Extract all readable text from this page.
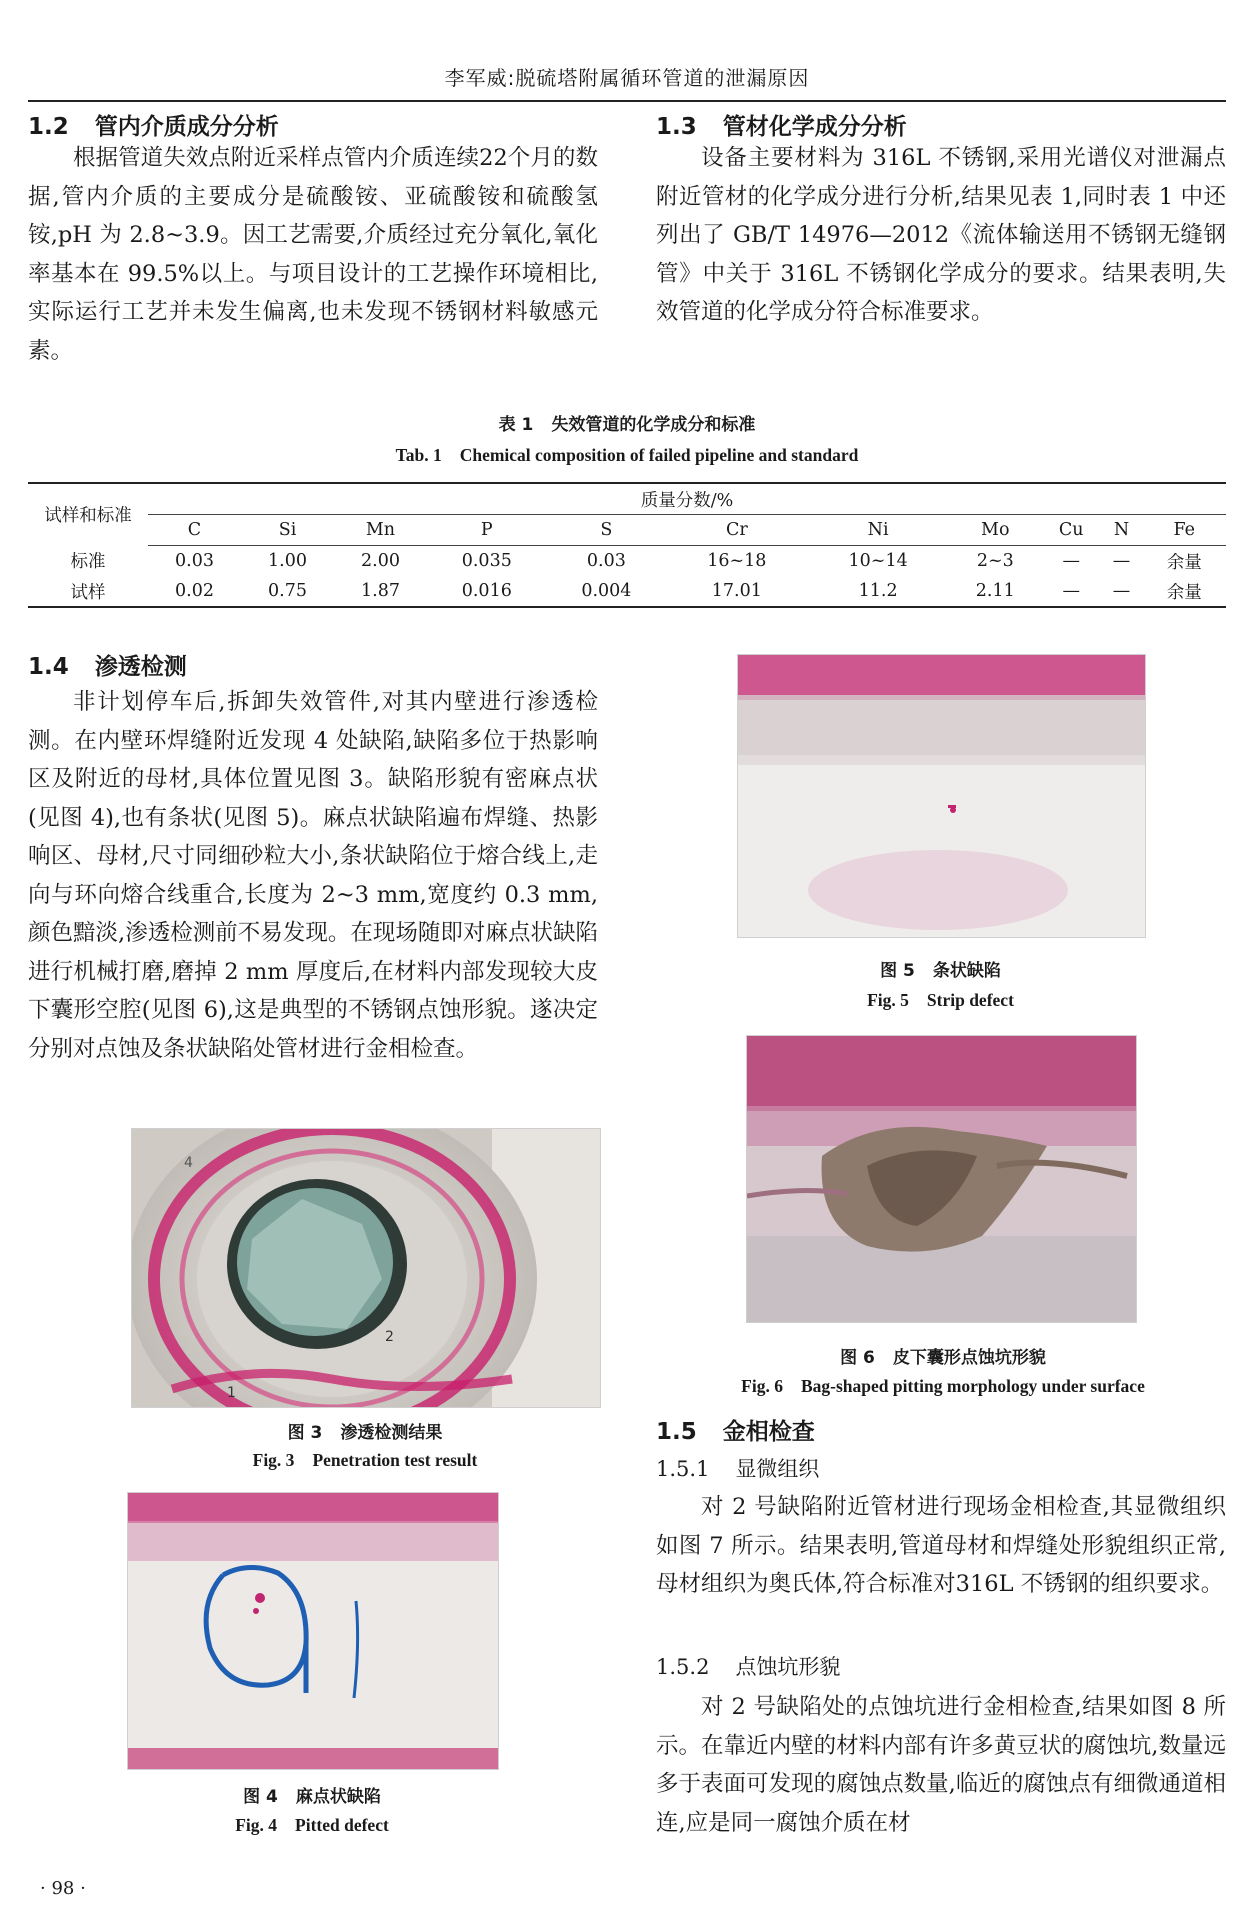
李军威:脱硫塔附属循环管道的泄漏原因
1.2 管内介质成分分析

根据管道失效点附近采样点管内介质连续22个月的数据,管内介质的主要成分是硫酸铵、亚硫酸铵和硫酸氢铵,pH 为 2.8~3.9。因工艺需要,介质经过充分氧化,氧化率基本在 99.5%以上。与项目设计的工艺操作环境相比,实际运行工艺并未发生偏离,也未发现不锈钢材料敏感元素。

1.3 管材化学成分分析

设备主要材料为 316L 不锈钢,采用光谱仪对泄漏点附近管材的化学成分进行分析,结果见表 1,同时表 1 中还列出了 GB/T 14976—2012《流体输送用不锈钢无缝钢管》中关于 316L 不锈钢化学成分的要求。结果表明,失效管道的化学成分符合标准要求。

表 1 失效管道的化学成分和标准
Tab. 1 Chemical composition of failed pipeline and standard
试样和标准	质量分数/%										
	C	Si	Mn	P	S	Cr	Ni	Mo	Cu	N	Fe
标准	0.03	1.00	2.00	0.035	0.03	16~18	10~14	2~3	—	—	余量
试样	0.02	0.75	1.87	0.016	0.004	17.01	11.2	2.11	—	—	余量
1.4 渗透检测

非计划停车后,拆卸失效管件,对其内壁进行渗透检测。在内壁环焊缝附近发现 4 处缺陷,缺陷多位于热影响区及附近的母材,具体位置见图 3。缺陷形貌有密麻点状(见图 4),也有条状(见图 5)。麻点状缺陷遍布焊缝、热影响区、母材,尺寸同细砂粒大小,条状缺陷位于熔合线上,走向与环向熔合线重合,长度为 2~3 mm,宽度约 0.3 mm,颜色黯淡,渗透检测前不易发现。在现场随即对麻点状缺陷进行机械打磨,磨掉 2 mm 厚度后,在材料内部发现较大皮下囊形空腔(见图 6),这是典型的不锈钢点蚀形貌。遂决定分别对点蚀及条状缺陷处管材进行金相检查。

4
3
2
1
图 3 渗透检测结果
Fig. 3 Penetration test result
图 4 麻点状缺陷
Fig. 4 Pitted defect
图 5 条状缺陷
Fig. 5 Strip defect
图 6 皮下囊形点蚀坑形貌
Fig. 6 Bag-shaped pitting morphology under surface
1.5 金相检查
1.5.1 显微组织

对 2 号缺陷附近管材进行现场金相检查,其显微组织如图 7 所示。结果表明,管道母材和焊缝处形貌组织正常,母材组织为奥氏体,符合标准对316L 不锈钢的组织要求。

1.5.2 点蚀坑形貌

对 2 号缺陷处的点蚀坑进行金相检查,结果如图 8 所示。在靠近内壁的材料内部有许多黄豆状的腐蚀坑,数量远多于表面可发现的腐蚀点数量,临近的腐蚀点有细微通道相连,应是同一腐蚀介质在材

· 98 ·
